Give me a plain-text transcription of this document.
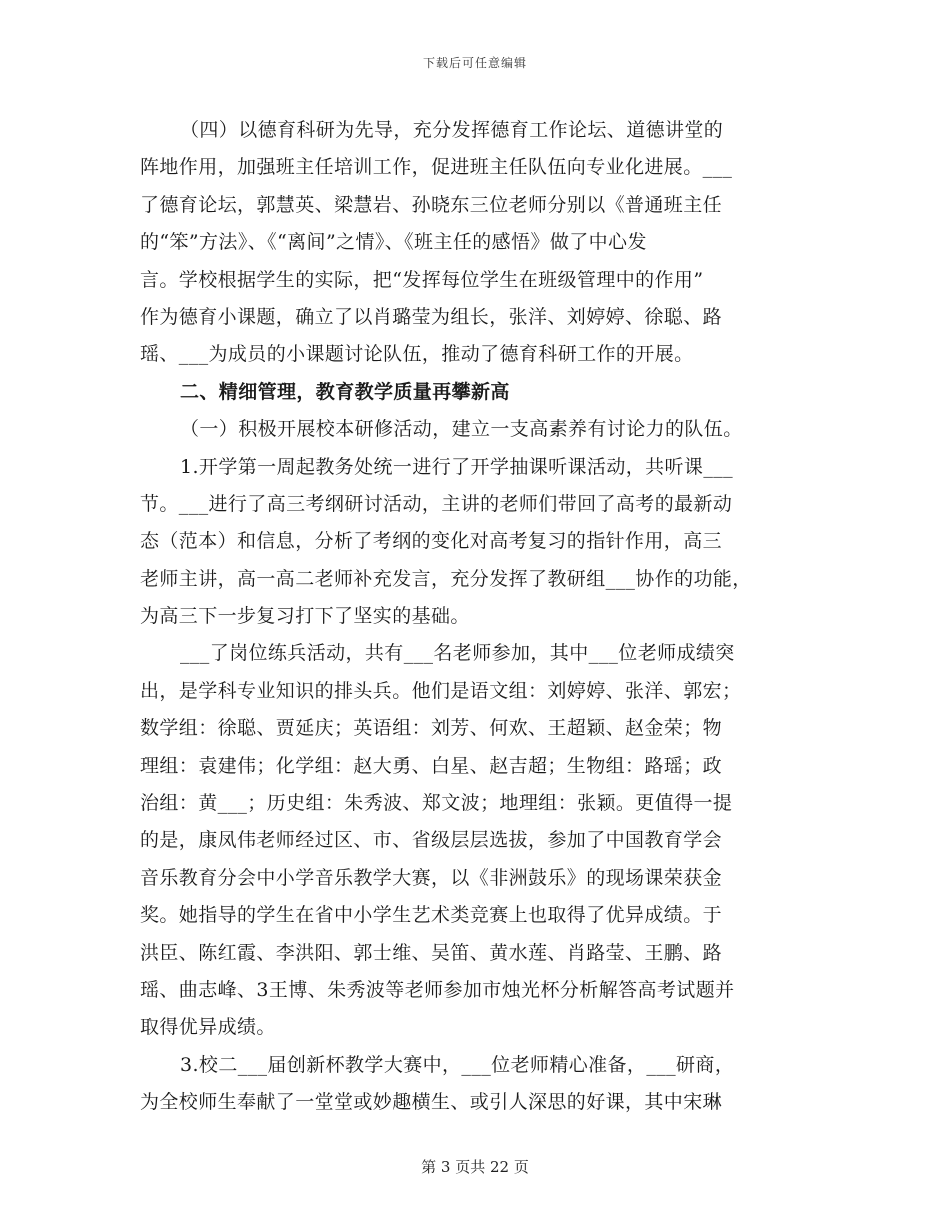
下载后可任意编辑
（四）以德育科研为先导，充分发挥德育工作论坛、道德讲堂的
阵地作用，加强班主任培训工作，促进班主任队伍向专业化进展。___
了德育论坛，郭慧英、梁慧岩、孙晓东三位老师分别以《普通班主任
的“笨”方法》、《“离间”之情》、《班主任的感悟》做了中心发
言。学校根据学生的实际，把“发挥每位学生在班级管理中的作用”
作为德育小课题，确立了以肖璐莹为组长，张洋、刘婷婷、徐聪、路
瑶、___为成员的小课题讨论队伍，推动了德育科研工作的开展。
二、精细管理，教育教学质量再攀新高
（一）积极开展校本研修活动，建立一支高素养有讨论力的队伍。
1.开学第一周起教务处统一进行了开学抽课听课活动，共听课___
节。___进行了高三考纲研讨活动，主讲的老师们带回了高考的最新动
态（范本）和信息，分析了考纲的变化对高考复习的指针作用，高三
老师主讲，高一高二老师补充发言，充分发挥了教研组___协作的功能，
为高三下一步复习打下了坚实的基础。
___了岗位练兵活动，共有___名老师参加，其中___位老师成绩突
出，是学科专业知识的排头兵。他们是语文组：刘婷婷、张洋、郭宏；
数学组：徐聪、贾延庆；英语组：刘芳、何欢、王超颖、赵金荣；物
理组：袁建伟；化学组：赵大勇、白星、赵吉超；生物组：路瑶；政
治组：黄___；历史组：朱秀波、郑文波；地理组：张颖。更值得一提
的是，康凤伟老师经过区、市、省级层层选拔，参加了中国教育学会
音乐教育分会中小学音乐教学大赛，以《非洲鼓乐》的现场课荣获金
奖。她指导的学生在省中小学生艺术类竞赛上也取得了优异成绩。于
洪臣、陈红霞、李洪阳、郭士维、吴笛、黄水莲、肖路莹、王鹏、路
瑶、曲志峰、3王博、朱秀波等老师参加市烛光杯分析解答高考试题并
取得优异成绩。
3.校二___届创新杯教学大赛中，___位老师精心准备，___研商，
为全校师生奉献了一堂堂或妙趣横生、或引人深思的好课，其中宋琳
第 3 页共 22 页
